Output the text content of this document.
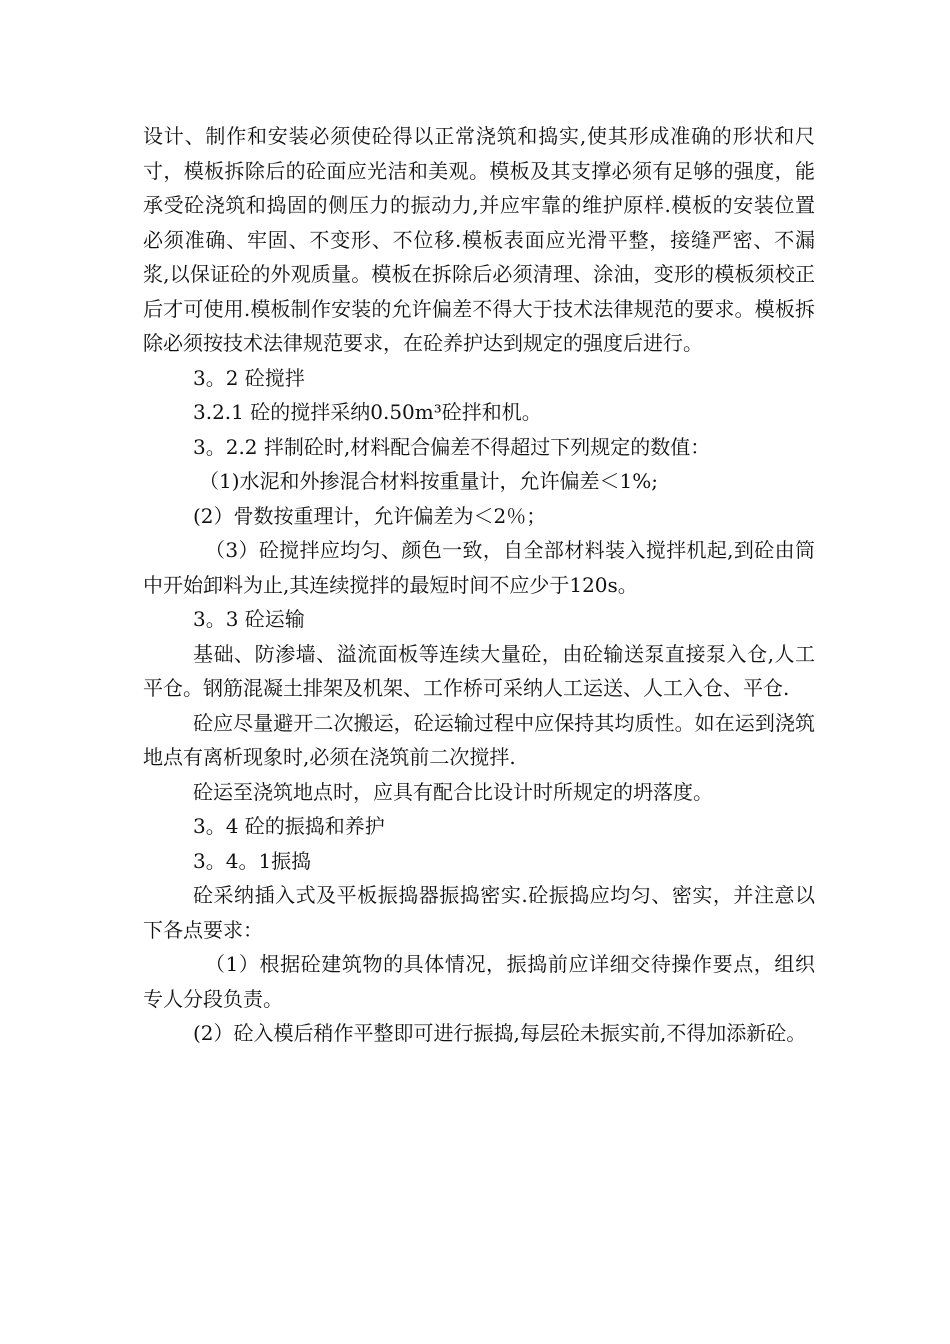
设计、制作和安装必须使砼得以正常浇筑和捣实,使其形成准确的形状和尺寸，模板拆除后的砼面应光洁和美观。模板及其支撑必须有足够的强度，能承受砼浇筑和捣固的侧压力的振动力,并应牢靠的维护原样.模板的安装位置必须准确、牢固、不变形、不位移.模板表面应光滑平整，接缝严密、不漏浆,以保证砼的外观质量。模板在拆除后必须清理、涂油，变形的模板须校正后才可使用.模板制作安装的允许偏差不得大于技术法律规范的要求。模板拆除必须按技术法律规范要求，在砼养护达到规定的强度后进行。

3。2 砼搅拌

3.2.1 砼的搅拌采纳0.50m³砼拌和机。

3。2.2 拌制砼时,材料配合偏差不得超过下列规定的数值：

（1)水泥和外掺混合材料按重量计，允许偏差＜1%;

(2）骨数按重理计，允许偏差为＜2％；

（3）砼搅拌应均匀、颜色一致，自全部材料装入搅拌机起,到砼由筒中开始卸料为止,其连续搅拌的最短时间不应少于120s。

3。3 砼运输

基础、防渗墙、溢流面板等连续大量砼，由砼输送泵直接泵入仓,人工平仓。钢筋混凝土排架及机架、工作桥可采纳人工运送、人工入仓、平仓.

砼应尽量避开二次搬运，砼运输过程中应保持其均质性。如在运到浇筑地点有离析现象时,必须在浇筑前二次搅拌.

砼运至浇筑地点时，应具有配合比设计时所规定的坍落度。

3。4 砼的振捣和养护

3。4。1振捣

砼采纳插入式及平板振捣器振捣密实.砼振捣应均匀、密实，并注意以下各点要求：

（1）根据砼建筑物的具体情况，振捣前应详细交待操作要点，组织专人分段负责。

(2）砼入模后稍作平整即可进行振捣,每层砼未振实前,不得加添新砼。
